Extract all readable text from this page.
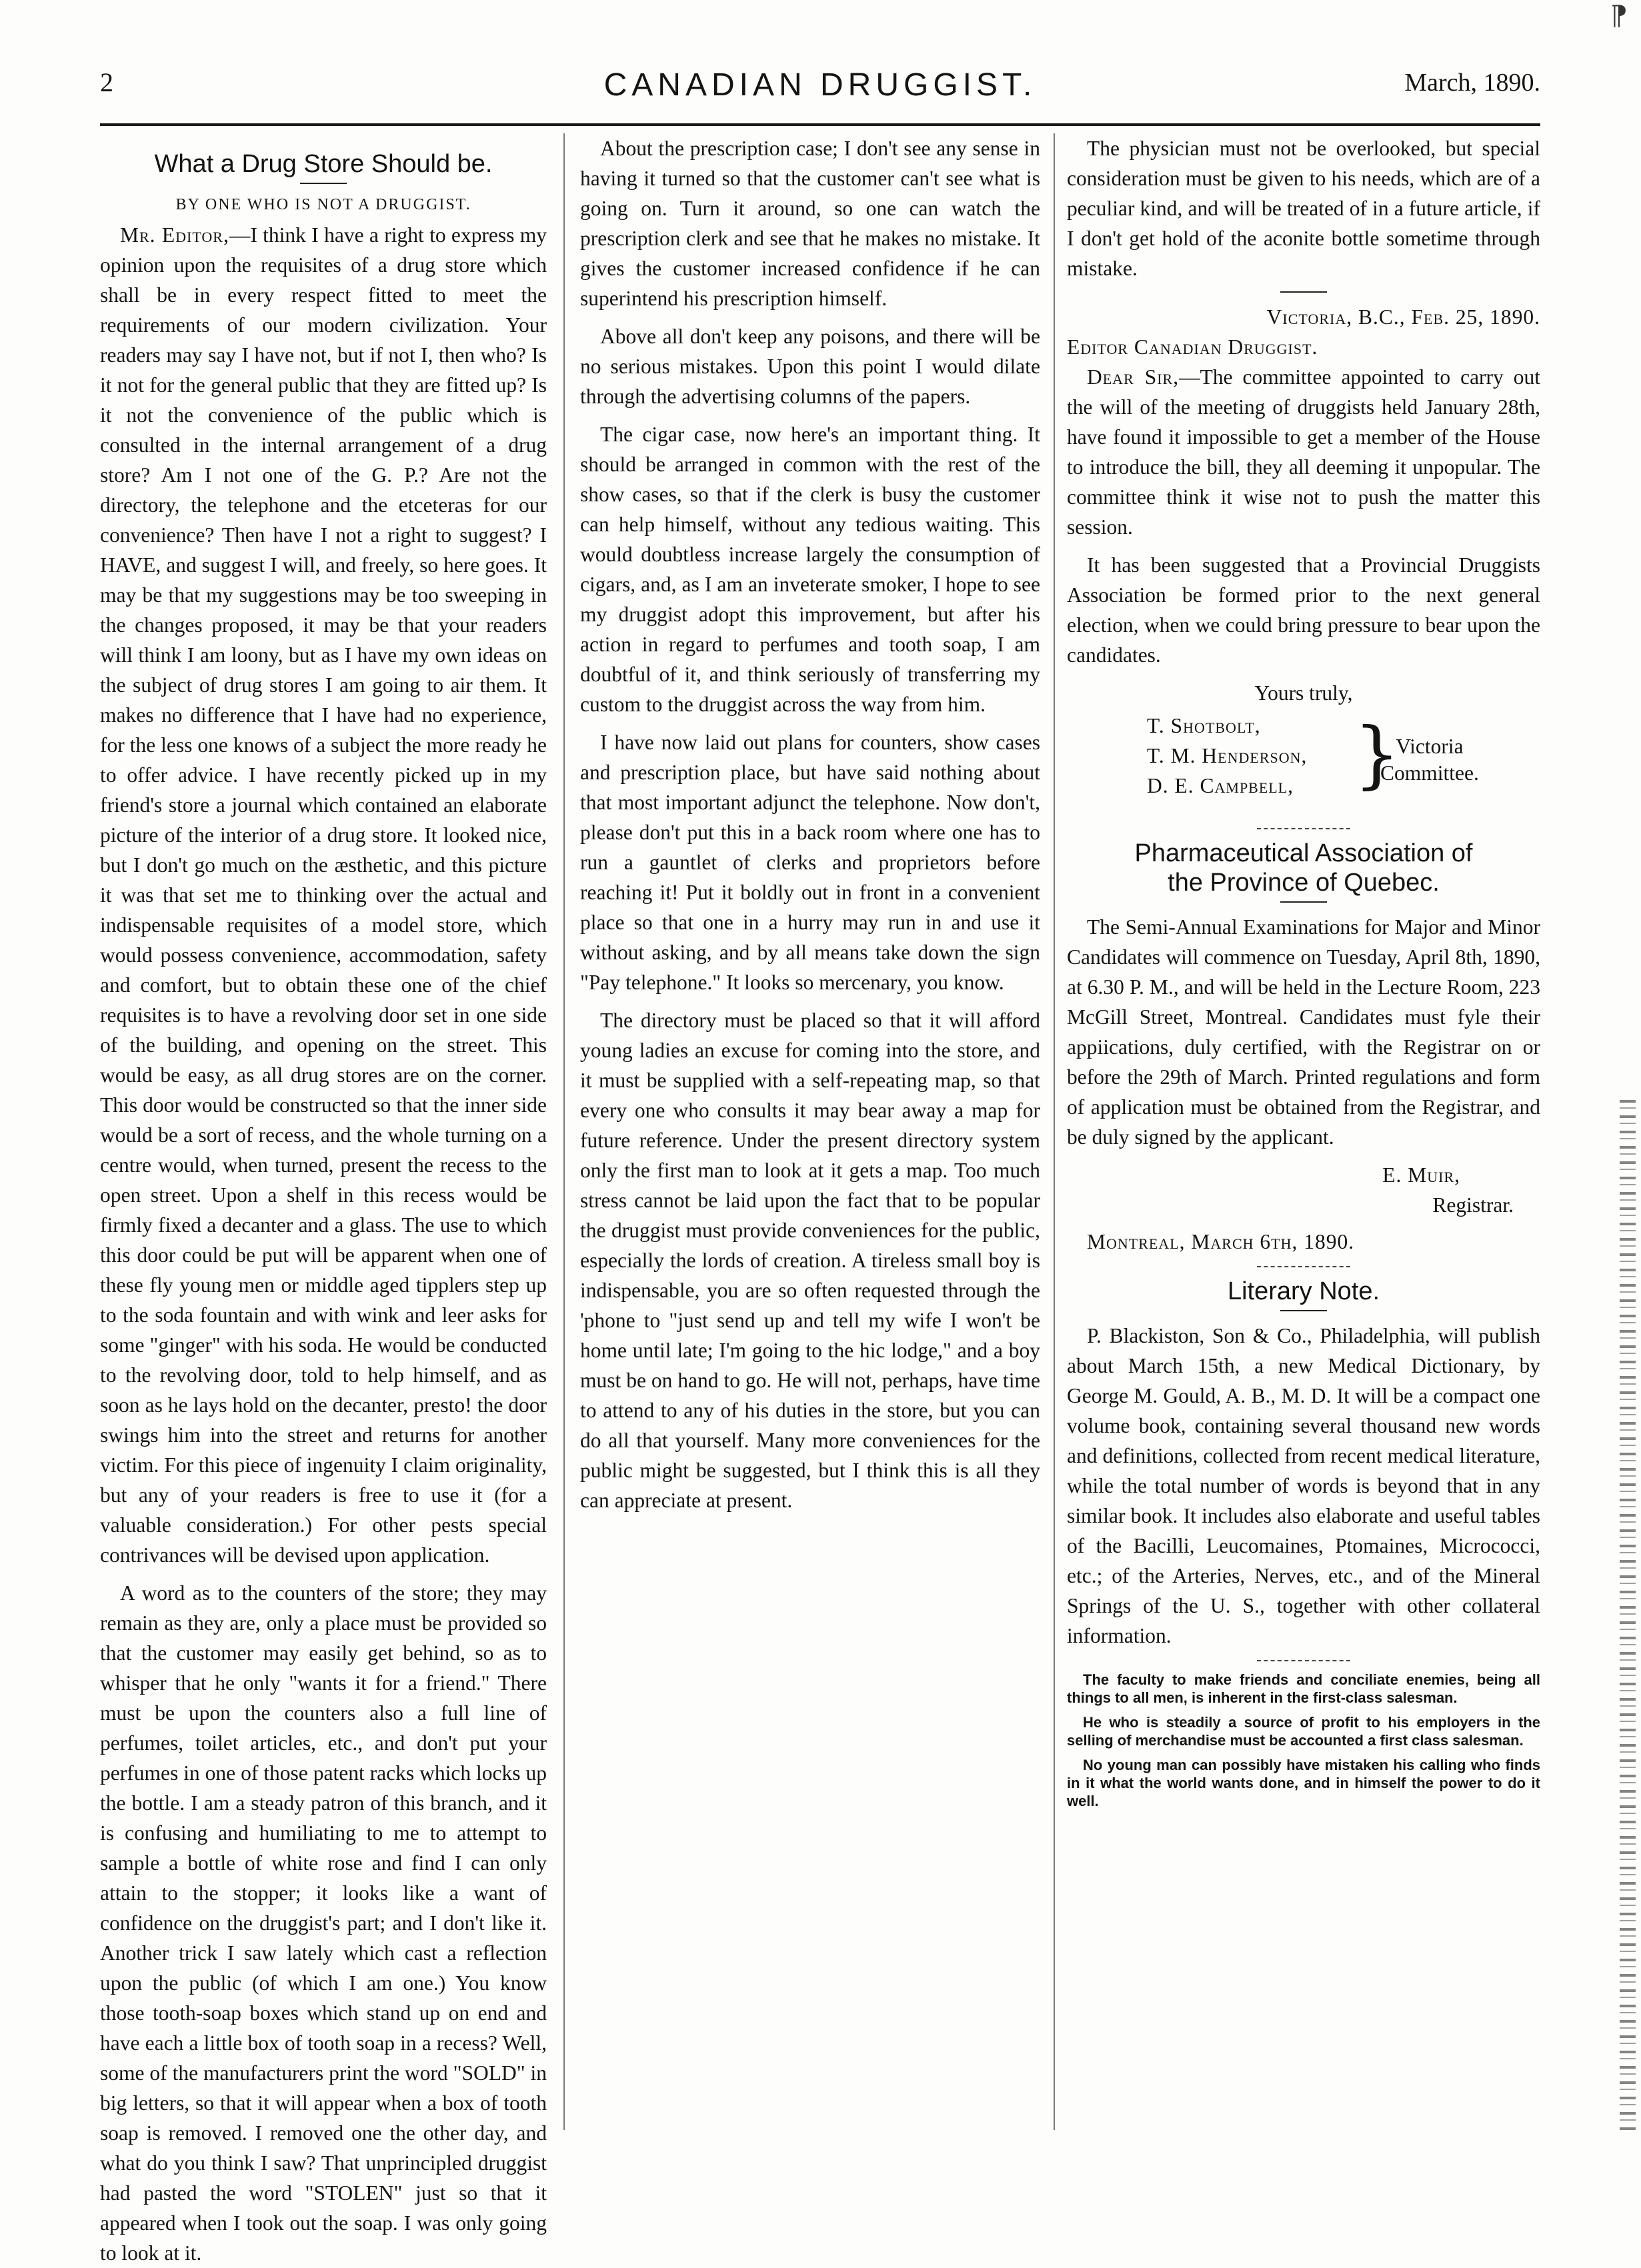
⁋
2	CANADIAN DRUGGIST.	March, 1890.
What a Drug Store Should be.
BY ONE WHO IS NOT A DRUGGIST.

Mr. Editor,—I think I have a right to express my opinion upon the requisites of a drug store which shall be in every respect fitted to meet the requirements of our modern civilization. Your readers may say I have not, but if not I, then who? Is it not for the general public that they are fitted up? Is it not the convenience of the public which is consulted in the internal arrangement of a drug store? Am I not one of the G. P.? Are not the directory, the telephone and the etceteras for our convenience? Then have I not a right to suggest? I HAVE, and suggest I will, and freely, so here goes. It may be that my suggestions may be too sweeping in the changes proposed, it may be that your readers will think I am loony, but as I have my own ideas on the subject of drug stores I am going to air them. It makes no difference that I have had no experience, for the less one knows of a subject the more ready he to offer advice. I have recently picked up in my friend's store a journal which contained an elaborate picture of the interior of a drug store. It looked nice, but I don't go much on the æsthetic, and this picture it was that set me to thinking over the actual and indispensable requisites of a model store, which would possess convenience, accommodation, safety and comfort, but to obtain these one of the chief requisites is to have a revolving door set in one side of the building, and opening on the street. This would be easy, as all drug stores are on the corner. This door would be constructed so that the inner side would be a sort of recess, and the whole turning on a centre would, when turned, present the recess to the open street. Upon a shelf in this recess would be firmly fixed a decanter and a glass. The use to which this door could be put will be apparent when one of these fly young men or middle aged tipplers step up to the soda fountain and with wink and leer asks for some "ginger" with his soda. He would be conducted to the revolving door, told to help himself, and as soon as he lays hold on the decanter, presto! the door swings him into the street and returns for another victim. For this piece of ingenuity I claim originality, but any of your readers is free to use it (for a valuable consideration.) For other pests special contrivances will be devised upon application.

A word as to the counters of the store; they may remain as they are, only a place must be provided so that the customer may easily get behind, so as to whisper that he only "wants it for a friend." There must be upon the counters also a full line of perfumes, toilet articles, etc., and don't put your perfumes in one of those patent racks which locks up the bottle. I am a steady patron of this branch, and it is confusing and humiliating to me to attempt to sample a bottle of white rose and find I can only attain to the stopper; it looks like a want of confidence on the druggist's part; and I don't like it. Another trick I saw lately which cast a reflection upon the public (of which I am one.) You know those tooth-soap boxes which stand up on end and have each a little box of tooth soap in a recess? Well, some of the manufacturers print the word "SOLD" in big letters, so that it will appear when a box of tooth soap is removed. I removed one the other day, and what do you think I saw? That unprincipled druggist had pasted the word "STOLEN" just so that it appeared when I took out the soap. I was only going to look at it.

About the prescription case; I don't see any sense in having it turned so that the customer can't see what is going on. Turn it around, so one can watch the prescription clerk and see that he makes no mistake. It gives the customer increased confidence if he can superintend his prescription himself.

Above all don't keep any poisons, and there will be no serious mistakes. Upon this point I would dilate through the advertising columns of the papers.

The cigar case, now here's an important thing. It should be arranged in common with the rest of the show cases, so that if the clerk is busy the customer can help himself, without any tedious waiting. This would doubtless increase largely the consumption of cigars, and, as I am an inveterate smoker, I hope to see my druggist adopt this improvement, but after his action in regard to perfumes and tooth soap, I am doubtful of it, and think seriously of transferring my custom to the druggist across the way from him.

I have now laid out plans for counters, show cases and prescription place, but have said nothing about that most important adjunct the telephone. Now don't, please don't put this in a back room where one has to run a gauntlet of clerks and proprietors before reaching it! Put it boldly out in front in a convenient place so that one in a hurry may run in and use it without asking, and by all means take down the sign "Pay telephone." It looks so mercenary, you know.

The directory must be placed so that it will afford young ladies an excuse for coming into the store, and it must be supplied with a self-repeating map, so that every one who consults it may bear away a map for future reference. Under the present directory system only the first man to look at it gets a map. Too much stress cannot be laid upon the fact that to be popular the druggist must provide conveniences for the public, especially the lords of creation. A tireless small boy is indispensable, you are so often requested through the 'phone to "just send up and tell my wife I won't be home until late; I'm going to the hic lodge," and a boy must be on hand to go. He will not, perhaps, have time to attend to any of his duties in the store, but you can do all that yourself. Many more conveniences for the public might be suggested, but I think this is all they can appreciate at present.

The physician must not be overlooked, but special consideration must be given to his needs, which are of a peculiar kind, and will be treated of in a future article, if I don't get hold of the aconite bottle sometime through mistake.

Victoria, B.C., Feb. 25, 1890.

Editor Canadian Druggist.

Dear Sir,—The committee appointed to carry out the will of the meeting of druggists held January 28th, have found it impossible to get a member of the House to introduce the bill, they all deeming it unpopular. The committee think it wise not to push the matter this session.

It has been suggested that a Provincial Druggists Association be formed prior to the next general election, when we could bring pressure to bear upon the candidates.

Yours truly,

T. Shotbolt,
T. M. Henderson,
D. E. Campbell, }
Victoria
Committee.
Pharmaceutical Association of
the Province of Quebec.

The Semi-Annual Examinations for Major and Minor Candidates will commence on Tuesday, April 8th, 1890, at 6.30 P. M., and will be held in the Lecture Room, 223 McGill Street, Montreal. Candidates must fyle their appiications, duly certified, with the Registrar on or before the 29th of March. Printed regulations and form of application must be obtained from the Registrar, and be duly signed by the applicant.

E. Muir,

Registrar.

Montreal, March 6th, 1890.

Literary Note.

P. Blackiston, Son & Co., Philadelphia, will publish about March 15th, a new Medical Dictionary, by George M. Gould, A. B., M. D. It will be a compact one volume book, containing several thousand new words and definitions, collected from recent medical literature, while the total number of words is beyond that in any similar book. It includes also elaborate and useful tables of the Bacilli, Leucomaines, Ptomaines, Micrococci, etc.; of the Arteries, Nerves, etc., and of the Mineral Springs of the U. S., together with other collateral information.

The faculty to make friends and conciliate enemies, being all things to all men, is inherent in the first-class salesman.

He who is steadily a source of profit to his employers in the selling of merchandise must be accounted a first class salesman.

No young man can possibly have mistaken his calling who finds in it what the world wants done, and in himself the power to do it well.
